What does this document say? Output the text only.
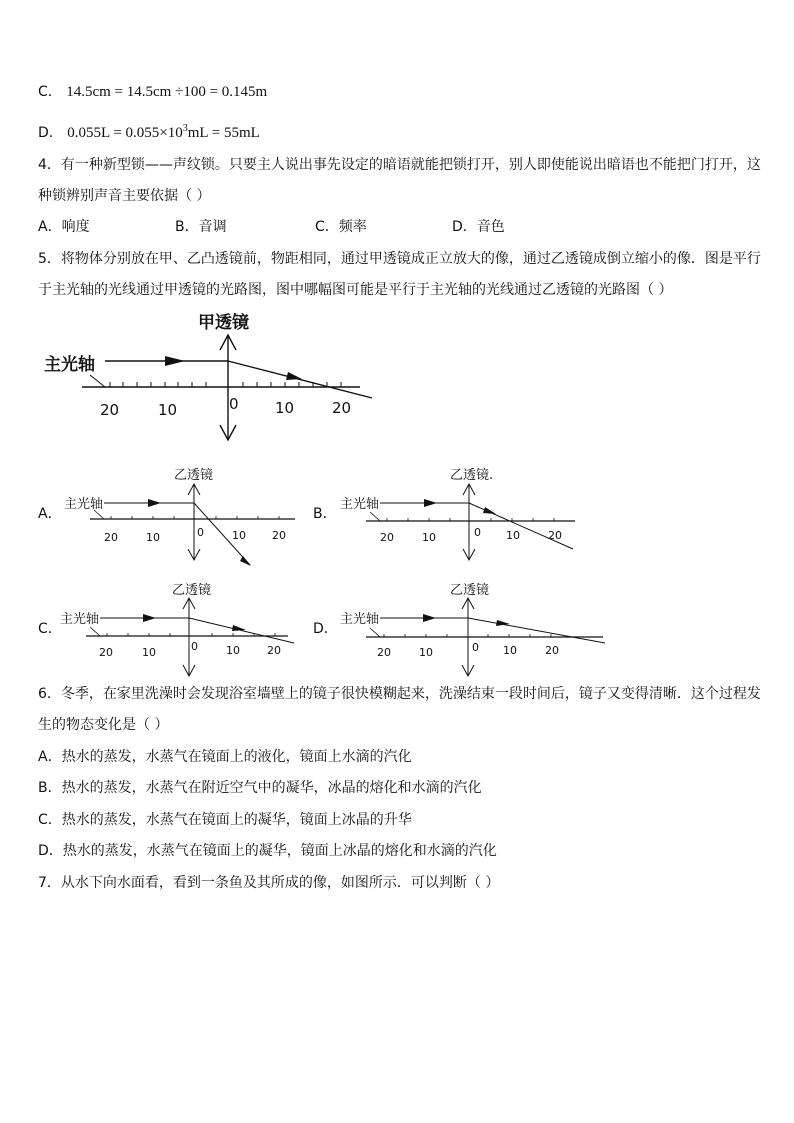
C． 14.5cm = 14.5cm ÷100 = 0.145m
D． $0.055L = 0.055\times 10^3mL = 55mL$
4．有一种新型锁——声纹锁。只要主人说出事先设定的暗语就能把锁打开，别人即使能说出暗语也不能把门打开，这
种锁辨别声音主要依据（ ）
A．响度	B．音调	C．频率	D．音色
5．将物体分别放在甲、乙凸透镜前，物距相同，通过甲透镜成正立放大的像，通过乙透镜成倒立缩小的像．图是平行
于主光轴的光线通过甲透镜的光路图，图中哪幅图可能是平行于主光轴的光线通过乙透镜的光路图（ ）
甲透镜
主光轴
20	10	0 10	20
A．
乙透镜
主光轴
20	10	0	10 20
B．
乙透镜.
主光轴
20	10	0 10	20
C．
乙透镜
主光轴
20	10	0	10 20
D．
乙透镜
主光轴
20	10	0 10	20
6．冬季，在家里洗澡时会发现浴室墙壁上的镜子很快模糊起来，洗澡结束一段时间后，镜子又变得清晰．这个过程发
生的物态变化是（ ）
A．热水的蒸发，水蒸气在镜面上的液化，镜面上水滴的汽化
B．热水的蒸发，水蒸气在附近空气中的凝华，冰晶的熔化和水滴的汽化
C．热水的蒸发，水蒸气在镜面上的凝华，镜面上冰晶的升华
D．热水的蒸发，水蒸气在镜面上的凝华，镜面上冰晶的熔化和水滴的汽化
7．从水下向水面看，看到一条鱼及其所成的像，如图所示．可以判断（ ）
